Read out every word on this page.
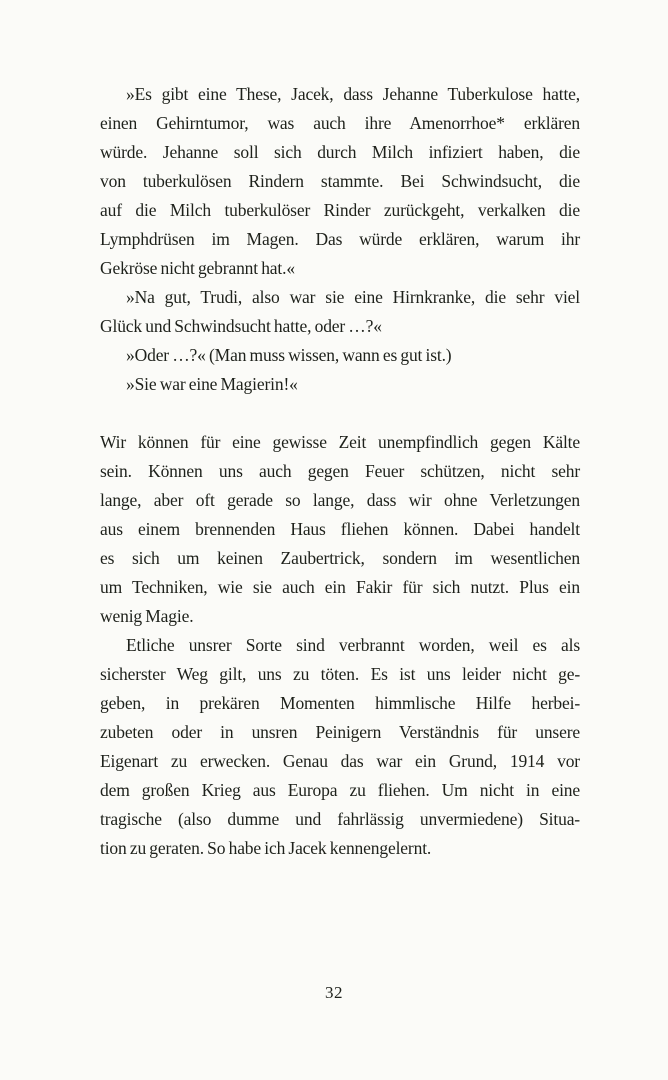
»Es gibt eine These, Jacek, dass Jehanne Tuberkulose hatte,
einen Gehirntumor, was auch ihre Amenorrhoe* erklären
würde. Jehanne soll sich durch Milch infiziert haben, die
von tuberkulösen Rindern stammte. Bei Schwindsucht, die
auf die Milch tuberkulöser Rinder zurückgeht, verkalken die
Lymphdrüsen im Magen. Das würde erklären, warum ihr
Gekröse nicht gebrannt hat.«
»Na gut, Trudi, also war sie eine Hirnkranke, die sehr viel
Glück und Schwindsucht hatte, oder …?«
»Oder …?« (Man muss wissen, wann es gut ist.)
»Sie war eine Magierin!«
Wir können für eine gewisse Zeit unempfindlich gegen Kälte
sein. Können uns auch gegen Feuer schützen, nicht sehr
lange, aber oft gerade so lange, dass wir ohne Verletzungen
aus einem brennenden Haus fliehen können. Dabei handelt
es sich um keinen Zaubertrick, sondern im wesentlichen
um Techniken, wie sie auch ein Fakir für sich nutzt. Plus ein
wenig Magie.
Etliche unsrer Sorte sind verbrannt worden, weil es als
sicherster Weg gilt, uns zu töten. Es ist uns leider nicht ge-
geben, in prekären Momenten himmlische Hilfe herbei-
zubeten oder in unsren Peinigern Verständnis für unsere
Eigenart zu erwecken. Genau das war ein Grund, 1914 vor
dem großen Krieg aus Europa zu fliehen. Um nicht in eine
tragische (also dumme und fahrlässig unvermiedene) Situa-
tion zu geraten. So habe ich Jacek kennengelernt.
32
